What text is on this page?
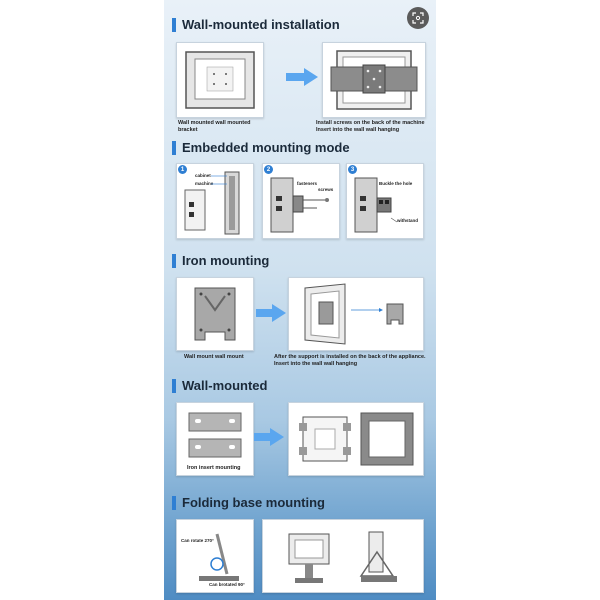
Wall-mounted installation
Wall mounted wall mounted bracket
Install screws on the back of the machine
Insert into the wall wall hanging
Embedded mounting mode
1
cabinet
machine
2
fasteners
screws
3
Buckle the hole
withstand
Iron mounting
Wall mount wall mount	After the support is installed on the back of the appliance.
Insert into the wall wall hanging
Wall-mounted
Iron insert mounting
Folding base mounting
Can rotate 270°
Can brotated 90°
